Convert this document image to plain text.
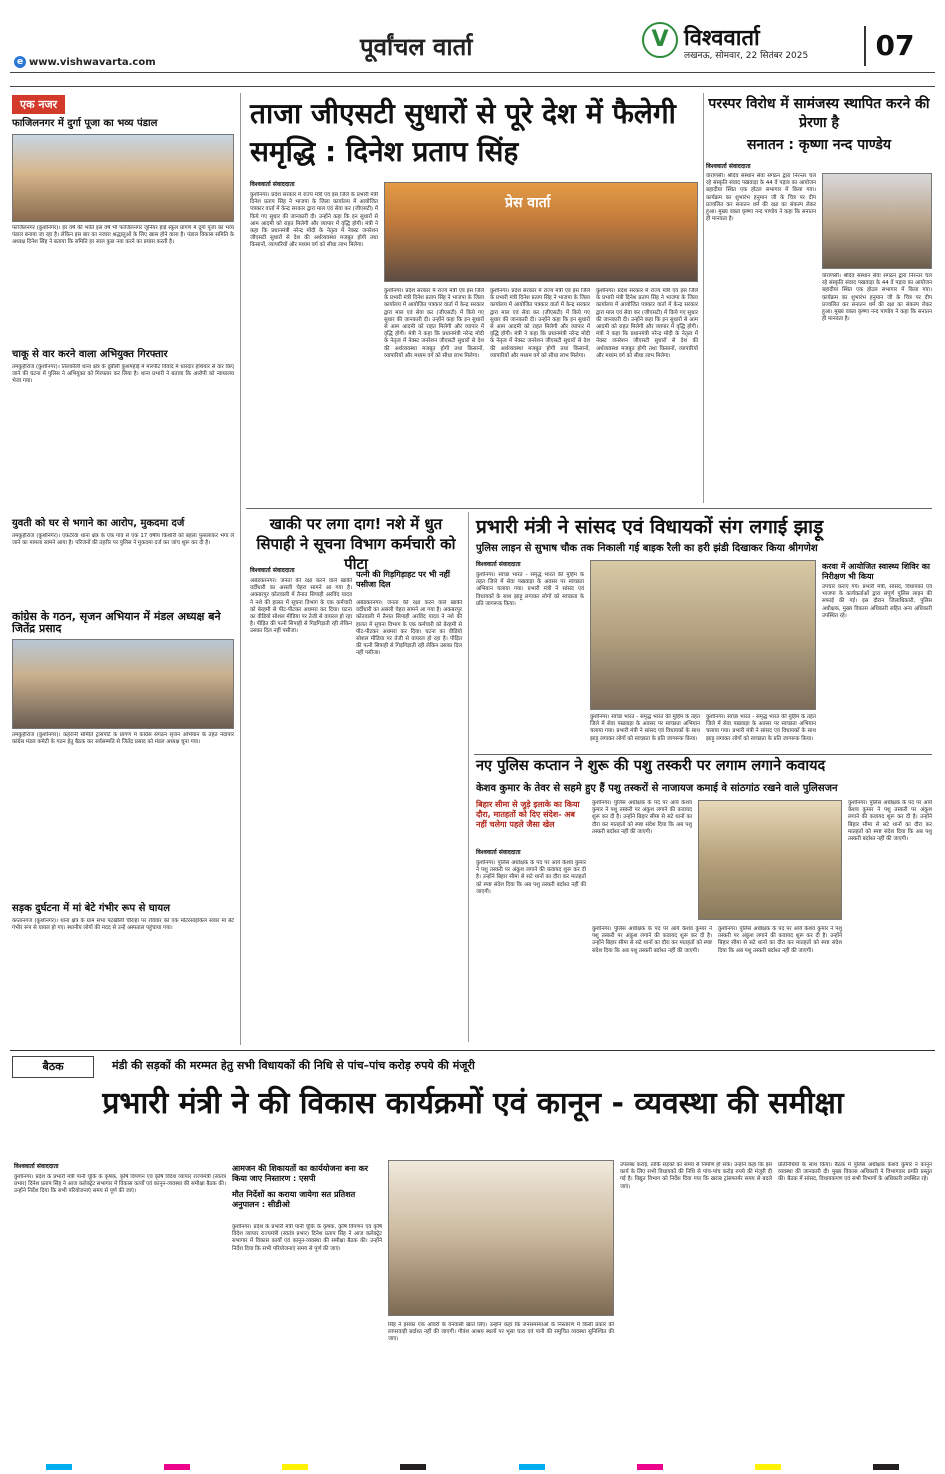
पूर्वांचल वार्ता	V विश्ववार्ता
लखनऊ, सोमवार, 22 सितंबर 2025	07
e www.vishwavarta.com
एक नजर
फाजिलनगर में दुर्गा पूजा का भव्य पंडाल
फाजिलनगर (कुशीनगर)। हर वर्ष की भांति इस वर्ष भी फाजिलनगर जूनियर हाई स्कूल प्रांगण में दुर्गा पूजा का भव्य पंडाल बनाया जा रहा है। लेकिन इस बार का नजारा श्रद्धालुओं के लिए खास होने वाला है। पंडाल विकास समिति के अध्यक्ष दिनेश सिंह ने बताया कि समिति हर साल कुछ नया करने का प्रयास करती है।
चाकू से वार करने वाला अभियुक्त गिरफ्तार
तमकुहीराज (कुशीनगर)। तिलकौली थाना क्षेत्र के दुबौली कुशमहाई में मारपीट विवाद में धारदार हथियार से वार किए जाने की घटना में पुलिस ने अभियुक्त को गिरफ्तार कर लिया है। थाना प्रभारी ने बताया कि आरोपी को न्यायालय भेजा गया।
युवती को घर से भगाने का आरोप, मुकदमा दर्ज
तमकुहीराज (कुशीनगर)। एकटेरवा थाना क्षेत्र के एक गांव से एक 17 वर्षीय किशोरी को बहला फुसलाकर भगा ले जाने का मामला सामने आया है। परिजनों की तहरीर पर पुलिस ने मुकदमा दर्ज कर जांच शुरू कर दी है।
कांग्रेस के गठन, सृजन अभियान में मंडल अध्यक्ष बने जितेंद्र प्रसाद
तमकुहीराज (कुशीनगर)। कहरानी समिति ट्रांसपोर्ट के प्रांगण में कांग्रेस संगठन सृजन अभियान के तहत नंदापार कांग्रेस मंडल कमेटी के गठन हेतु बैठक कर सर्वसम्मति से जितेंद्र प्रसाद को मंडल अध्यक्ष चुना गया।
सड़क दुर्घटना में मां बेटे गंभीर रूप से घायल
कप्तानगंज (कुशीनगर)। थाना क्षेत्र के ग्राम सभा पटखौली चौराहा पर रविवार को एक मोटरसाइकिल सवार मां बेटे गंभीर रूप से घायल हो गए। स्थानीय लोगों की मदद से उन्हें अस्पताल पहुंचाया गया।
ताजा जीएसटी सुधारों से पूरे देश में फैलेगी समृद्धि : दिनेश प्रताप सिंह
विश्ववार्ता संवाददाता
कुशीनगर। प्रदेश सरकार में राज्य मंत्री एवं इस जिले के प्रभारी मंत्री दिनेश प्रताप सिंह ने भाजपा के जिला कार्यालय में आयोजित पत्रकार वार्ता में केन्द्र सरकार द्वारा माल एवं सेवा कर (जीएसटी) में किये गए सुधार की जानकारी दी। उन्होंने कहा कि इन सुधारों से आम आदमी को राहत मिलेगी और व्यापार में वृद्धि होगी। मंत्री ने कहा कि प्रधानमंत्री नरेन्द्र मोदी के नेतृत्व में नेक्स्ट जनरेशन जीएसटी सुधारों से देश की अर्थव्यवस्था मजबूत होगी तथा किसानों, व्यापारियों और मध्यम वर्ग को सीधा लाभ मिलेगा।
प्रेस वार्ता
कुशीनगर। प्रदेश सरकार में राज्य मंत्री एवं इस जिले के प्रभारी मंत्री दिनेश प्रताप सिंह ने भाजपा के जिला कार्यालय में आयोजित पत्रकार वार्ता में केन्द्र सरकार द्वारा माल एवं सेवा कर (जीएसटी) में किये गए सुधार की जानकारी दी। उन्होंने कहा कि इन सुधारों से आम आदमी को राहत मिलेगी और व्यापार में वृद्धि होगी। मंत्री ने कहा कि प्रधानमंत्री नरेन्द्र मोदी के नेतृत्व में नेक्स्ट जनरेशन जीएसटी सुधारों से देश की अर्थव्यवस्था मजबूत होगी तथा किसानों, व्यापारियों और मध्यम वर्ग को सीधा लाभ मिलेगा।
कुशीनगर। प्रदेश सरकार में राज्य मंत्री एवं इस जिले के प्रभारी मंत्री दिनेश प्रताप सिंह ने भाजपा के जिला कार्यालय में आयोजित पत्रकार वार्ता में केन्द्र सरकार द्वारा माल एवं सेवा कर (जीएसटी) में किये गए सुधार की जानकारी दी। उन्होंने कहा कि इन सुधारों से आम आदमी को राहत मिलेगी और व्यापार में वृद्धि होगी। मंत्री ने कहा कि प्रधानमंत्री नरेन्द्र मोदी के नेतृत्व में नेक्स्ट जनरेशन जीएसटी सुधारों से देश की अर्थव्यवस्था मजबूत होगी तथा किसानों, व्यापारियों और मध्यम वर्ग को सीधा लाभ मिलेगा।
कुशीनगर। प्रदेश सरकार में राज्य मंत्री एवं इस जिले के प्रभारी मंत्री दिनेश प्रताप सिंह ने भाजपा के जिला कार्यालय में आयोजित पत्रकार वार्ता में केन्द्र सरकार द्वारा माल एवं सेवा कर (जीएसटी) में किये गए सुधार की जानकारी दी। उन्होंने कहा कि इन सुधारों से आम आदमी को राहत मिलेगी और व्यापार में वृद्धि होगी। मंत्री ने कहा कि प्रधानमंत्री नरेन्द्र मोदी के नेतृत्व में नेक्स्ट जनरेशन जीएसटी सुधारों से देश की अर्थव्यवस्था मजबूत होगी तथा किसानों, व्यापारियों और मध्यम वर्ग को सीधा लाभ मिलेगा।
परस्पर विरोध में सामंजस्य स्थापित करने की प्रेरणा है
सनातन : कृष्णा नन्द पाण्डेय
विश्ववार्ता संवाददाता
वाराणसी। श्रीदेव संस्थान सेवा संगठन द्वारा निरन्तर चल रहे संस्कृति संवाद पखवाड़ा के 44 वें पड़ाव का आयोजन बहादीया स्थित एक होटल सभागार में किया गया। कार्यक्रम का शुभारंभ हनुमान जी के चित्र पर दीप प्रज्वलित कर सनातन धर्म की रक्षा का संकल्प लेकर हुआ। मुख्य वक्ता कृष्णा नन्द पाण्डेय ने कहा कि सनातन ही मानवता है।
वाराणसी। श्रीदेव संस्थान सेवा संगठन द्वारा निरन्तर चल रहे संस्कृति संवाद पखवाड़ा के 44 वें पड़ाव का आयोजन बहादीया स्थित एक होटल सभागार में किया गया। कार्यक्रम का शुभारंभ हनुमान जी के चित्र पर दीप प्रज्वलित कर सनातन धर्म की रक्षा का संकल्प लेकर हुआ। मुख्य वक्ता कृष्णा नन्द पाण्डेय ने कहा कि सनातन ही मानवता है।
खाकी पर लगा दाग! नशे में धुत सिपाही ने सूचना विभाग कर्मचारी को पीटा
विश्ववार्ता संवाददाता	पत्नी की गिड़गिड़ाहट पर भी नहीं पसीजा दिल
अंबेडकरनगर। जनता की रक्षा करने वाले खाकी वर्दीधारी का असली चेहरा सामने आ गया है। अकबरपुर कोतवाली में तैनात सिपाही अरविंद यादव ने नशे की हालत में सूचना विभाग के एक कर्मचारी को बेरहमी से पीट-पीटकर अधमरा कर दिया। घटना का वीडियो सोशल मीडिया पर तेजी से वायरल हो रहा है। पीड़ित की पत्नी सिपाही से गिड़गिड़ाती रही लेकिन उसका दिल नहीं पसीजा।
अंबेडकरनगर। जनता की रक्षा करने वाले खाकी वर्दीधारी का असली चेहरा सामने आ गया है। अकबरपुर कोतवाली में तैनात सिपाही अरविंद यादव ने नशे की हालत में सूचना विभाग के एक कर्मचारी को बेरहमी से पीट-पीटकर अधमरा कर दिया। घटना का वीडियो सोशल मीडिया पर तेजी से वायरल हो रहा है। पीड़ित की पत्नी सिपाही से गिड़गिड़ाती रही लेकिन उसका दिल नहीं पसीजा।
प्रभारी मंत्री ने सांसद एवं विधायकों संग लगाई झाड़ू
पुलिस लाइन से सुभाष चौक तक निकाली गई बाइक रैली का हरी झंडी दिखाकर किया श्रीगणेश
विश्ववार्ता संवाददाता
कुशीनगर। स्वच्छ भारत - समृद्ध भारत की मुहिम के तहत जिले में सेवा पखवाड़ा के अवसर पर स्वच्छता अभियान चलाया गया। प्रभारी मंत्री ने सांसद एवं विधायकों के साथ झाड़ू लगाकर लोगों को स्वच्छता के प्रति जागरूक किया।
कुशीनगर। स्वच्छ भारत - समृद्ध भारत की मुहिम के तहत जिले में सेवा पखवाड़ा के अवसर पर स्वच्छता अभियान चलाया गया। प्रभारी मंत्री ने सांसद एवं विधायकों के साथ झाड़ू लगाकर लोगों को स्वच्छता के प्रति जागरूक किया।
कुशीनगर। स्वच्छ भारत - समृद्ध भारत की मुहिम के तहत जिले में सेवा पखवाड़ा के अवसर पर स्वच्छता अभियान चलाया गया। प्रभारी मंत्री ने सांसद एवं विधायकों के साथ झाड़ू लगाकर लोगों को स्वच्छता के प्रति जागरूक किया।
करवा में आयोजित स्वास्थ्य शिविर का निरीक्षण भी किया
उपचार कराएं गये। प्रभारी मंत्री, सांसद, विधायकों एवं भाजपा के कार्यकर्ताओं द्वारा संपूर्ण पुलिस लाइन की सफाई की गई। इस दौरान जिलाधिकारी, पुलिस अधीक्षक, मुख्य विकास अधिकारी सहित अन्य अधिकारी उपस्थित रहे।
नए पुलिस कप्तान ने शुरू की पशु तस्करी पर लगाम लगाने कवायद
केशव कुमार के तेवर से सहमे हुए हैं पशु तस्करों से नाजायज कमाई वे सांठगांठ रखने वाले पुलिसजन
बिहार सीमा से जुड़े इलाके का किया दौरा, मातहतों को दिए संदेश- अब नहीं चलेगा पहले जैसा खेल
विश्ववार्ता संवाददाता
कुशीनगर। पुलिस अधीक्षक के पद पर आये केशव कुमार ने पशु तस्करी पर अंकुश लगाने की कवायद शुरू कर दी है। उन्होंने बिहार सीमा से सटे थानों का दौरा कर मातहतों को स्पष्ट संदेश दिया कि अब पशु तस्करी बर्दाश्त नहीं की जाएगी।
कुशीनगर। पुलिस अधीक्षक के पद पर आये केशव कुमार ने पशु तस्करी पर अंकुश लगाने की कवायद शुरू कर दी है। उन्होंने बिहार सीमा से सटे थानों का दौरा कर मातहतों को स्पष्ट संदेश दिया कि अब पशु तस्करी बर्दाश्त नहीं की जाएगी।
कुशीनगर। पुलिस अधीक्षक के पद पर आये केशव कुमार ने पशु तस्करी पर अंकुश लगाने की कवायद शुरू कर दी है। उन्होंने बिहार सीमा से सटे थानों का दौरा कर मातहतों को स्पष्ट संदेश दिया कि अब पशु तस्करी बर्दाश्त नहीं की जाएगी।
कुशीनगर। पुलिस अधीक्षक के पद पर आये केशव कुमार ने पशु तस्करी पर अंकुश लगाने की कवायद शुरू कर दी है। उन्होंने बिहार सीमा से सटे थानों का दौरा कर मातहतों को स्पष्ट संदेश दिया कि अब पशु तस्करी बर्दाश्त नहीं की जाएगी।
कुशीनगर। पुलिस अधीक्षक के पद पर आये केशव कुमार ने पशु तस्करी पर अंकुश लगाने की कवायद शुरू कर दी है। उन्होंने बिहार सीमा से सटे थानों का दौरा कर मातहतों को स्पष्ट संदेश दिया कि अब पशु तस्करी बर्दाश्त नहीं की जाएगी।
बैठक	मंडी की सड़कों की मरम्मत हेतु सभी विधायकों की निधि से पांच–पांच करोड़ रुपये की मंजूरी
प्रभारी मंत्री ने की विकास कार्यक्रमों एवं कानून - व्यवस्था की समीक्षा
विश्ववार्ता संवाददाता
कुशीनगर। प्रदेश के प्रभारी मंत्री पानी चूंकि के कृषक, कृषि विपणन एवं कृषि विदेश व्यापार राज्यमंत्री (स्वतंत्र प्रभार) दिनेश प्रताप सिंह ने आज कलेक्ट्रेट सभागार में विकास कार्यों एवं कानून-व्यवस्था की समीक्षा बैठक की। उन्होंने निर्देश दिया कि सभी परियोजनाएं समय से पूर्ण की जाएं।
आमजन की शिकायतों का कार्ययोजना बना कर किया जाए निस्तारण : एसपी
मौत निर्देशों का कराया जायेगा सत प्रतिशत अनुपालन : सीडीओ
कुशीनगर। प्रदेश के प्रभारी मंत्री पानी चूंकि के कृषक, कृषि विपणन एवं कृषि विदेश व्यापार राज्यमंत्री (स्वतंत्र प्रभार) दिनेश प्रताप सिंह ने आज कलेक्ट्रेट सभागार में विकास कार्यों एवं कानून-व्यवस्था की समीक्षा बैठक की। उन्होंने निर्देश दिया कि सभी परियोजनाएं समय से पूर्ण की जाएं।
सिंह ने इसका एक ओवरी के वनवासी खाते लिए। उन्होंने कहा कि जनसमस्याओं के निस्तारण में किसी प्रकार की लापरवाही बर्दाश्त नहीं की जाएगी। गौवंश आश्रय स्थलों पर भूसा चारा एवं पानी की समुचित व्यवस्था सुनिश्चित की जाए।
उपलब्ध कराई, ताकि सड़कों का समय से निर्माण हो सके। उन्होंने कहा कि इस कार्य के लिए सभी विधायकों की निधि से पांच-पांच करोड़ रुपये की मंजूरी दी गई है। विद्युत विभाग को निर्देश दिया गया कि खराब ट्रांसफार्मर समय से बदले जाएं।
प्रतिनिधियों के साथ किया। बैठक में पुलिस अधीक्षक केशव कुमार ने कानून व्यवस्था की जानकारी दी। मुख्य विकास अधिकारी ने विभागवार प्रगति प्रस्तुत की। बैठक में सांसद, विधायकगण एवं सभी विभागों के अधिकारी उपस्थित रहे।
